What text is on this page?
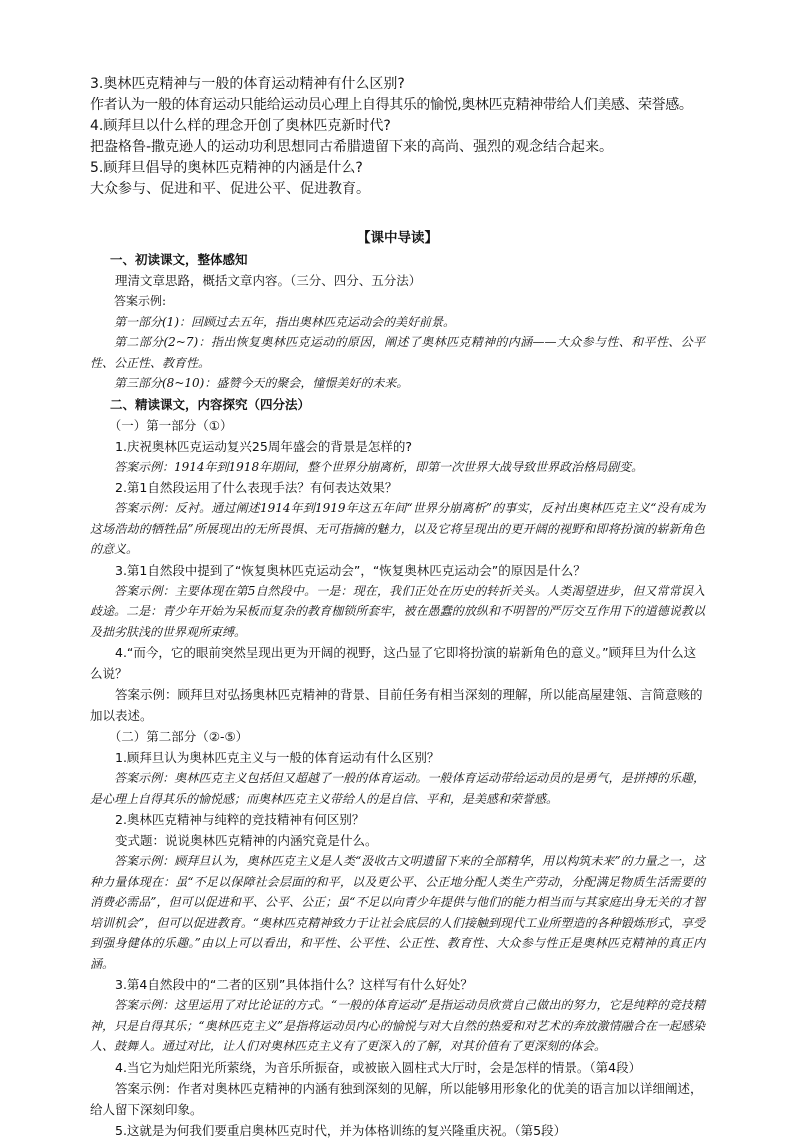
3.奥林匹克精神与一般的体育运动精神有什么区别?

作者认为一般的体育运动只能给运动员心理上自得其乐的愉悦,奥林匹克精神带给人们美感、荣誉感。

4.顾拜旦以什么样的理念开创了奥林匹克新时代?

把盎格鲁-撒克逊人的运动功利思想同古希腊遗留下来的高尚、强烈的观念结合起来。

5.顾拜旦倡导的奥林匹克精神的内涵是什么?

大众参与、促进和平、促进公平、促进教育。

【课中导读】

一、初读课文，整体感知

理清文章思路，概括文章内容。（三分、四分、五分法）

答案示例:

第一部分(1)：回顾过去五年，指出奥林匹克运动会的美好前景。

第二部分(2~7)：指出恢复奥林匹克运动的原因，阐述了奥林匹克精神的内涵——大众参与性、和平性、公平性、公正性、教育性。

第三部分(8~10)：盛赞今天的聚会，憧憬美好的未来。

二、精读课文，内容探究（四分法）

（一）第一部分（①）

1.庆祝奥林匹克运动复兴25周年盛会的背景是怎样的?

答案示例：1914年到1918年期间，整个世界分崩离析，即第一次世界大战导致世界政治格局剧变。

2.第1自然段运用了什么表现手法？有何表达效果？

答案示例：反衬。通过阐述1914年到1919年这五年间“世界分崩离析”的事实，反衬出奥林匹克主义“没有成为这场浩劫的牺牲品”所展现出的无所畏惧、无可指摘的魅力，以及它将呈现出的更开阔的视野和即将扮演的崭新角色的意义。

3.第1自然段中提到了“恢复奥林匹克运动会”，“恢复奥林匹克运动会”的原因是什么？

答案示例：主要体现在第5自然段中。一是：现在，我们正处在历史的转折关头。人类渴望进步，但又常常误入歧途。二是：青少年开始为呆板而复杂的教育枷锁所套牢，被在愚蠢的放纵和不明智的严厉交互作用下的道德说教以及拙劣肤浅的世界观所束缚。

4.“而今，它的眼前突然呈现出更为开阔的视野，这凸显了它即将扮演的崭新角色的意义。”顾拜旦为什么这么说？

答案示例：顾拜旦对弘扬奥林匹克精神的背景、目前任务有相当深刻的理解，所以能高屋建瓴、言简意赅的加以表述。

（二）第二部分（②-⑤）

1.顾拜旦认为奥林匹克主义与一般的体育运动有什么区别？

答案示例：奥林匹克主义包括但又超越了一般的体育运动。一般体育运动带给运动员的是勇气，是拼搏的乐趣，是心理上自得其乐的愉悦感；而奥林匹克主义带给人的是自信、平和，是美感和荣誉感。

2.奥林匹克精神与纯粹的竞技精神有何区别？

变式题：说说奥林匹克精神的内涵究竟是什么。

答案示例：顾拜旦认为，奥林匹克主义是人类“汲收古文明遗留下来的全部精华，用以构筑未来”的力量之一，这种力量体现在：虽“不足以保障社会层面的和平，以及更公平、公正地分配人类生产劳动，分配满足物质生活需要的消费必需品”，但可以促进和平、公平、公正；虽“不足以向青少年提供与他们的能力相当而与其家庭出身无关的才智培训机会”，但可以促进教育。“奥林匹克精神致力于让社会底层的人们接触到现代工业所塑造的各种锻炼形式，享受到强身健体的乐趣。”由以上可以看出，和平性、公平性、公正性、教育性、大众参与性正是奥林匹克精神的真正内涵。

3.第4自然段中的“二者的区别”具体指什么？这样写有什么好处？

答案示例：这里运用了对比论证的方式。“一般的体育运动”是指运动员欣赏自己做出的努力，它是纯粹的竞技精神，只是自得其乐；“奥林匹克主义”是指将运动员内心的愉悦与对大自然的热爱和对艺术的奔放激情融合在一起感染人、鼓舞人。通过对比，让人们对奥林匹克主义有了更深入的了解，对其价值有了更深刻的体会。

4.当它为灿烂阳光所萦绕，为音乐所振奋，或被嵌入圆柱式大厅时，会是怎样的情景。（第4段）

答案示例：作者对奥林匹克精神的内涵有独到深刻的见解，所以能够用形象化的优美的语言加以详细阐述，给人留下深刻印象。

5.这就是为何我们要重启奥林匹克时代，并为体格训练的复兴隆重庆祝。（第5段）
